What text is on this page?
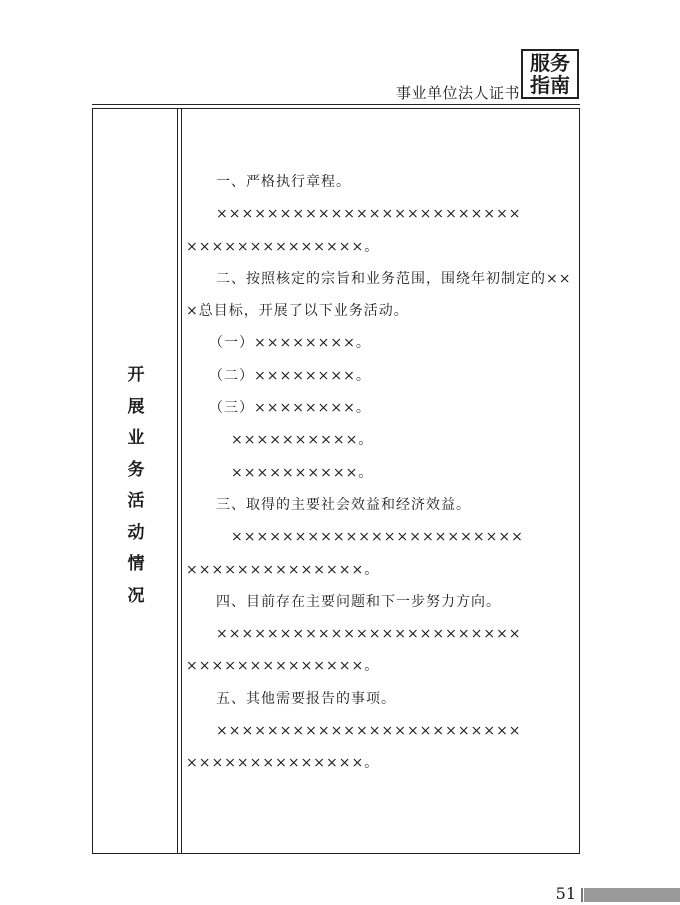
事业单位法人证书
服务
指南
开
展
业
务
活
动
情
况
　　一、严格执行章程。
　　××××××××××××××××××××××××
××××××××××××××。
　　二、按照核定的宗旨和业务范围，围绕年初制定的××
×总目标，开展了以下业务活动。
　　（一）××××××××。
　　（二）××××××××。
　　（三）××××××××。
　　　××××××××××。
　　　××××××××××。
　　三、取得的主要社会效益和经济效益。
　　　×××××××××××××××××××××××
××××××××××××××。
　　四、目前存在主要问题和下一步努力方向。
　　××××××××××××××××××××××××
××××××××××××××。
　　五、其他需要报告的事项。
　　××××××××××××××××××××××××
××××××××××××××。
51
